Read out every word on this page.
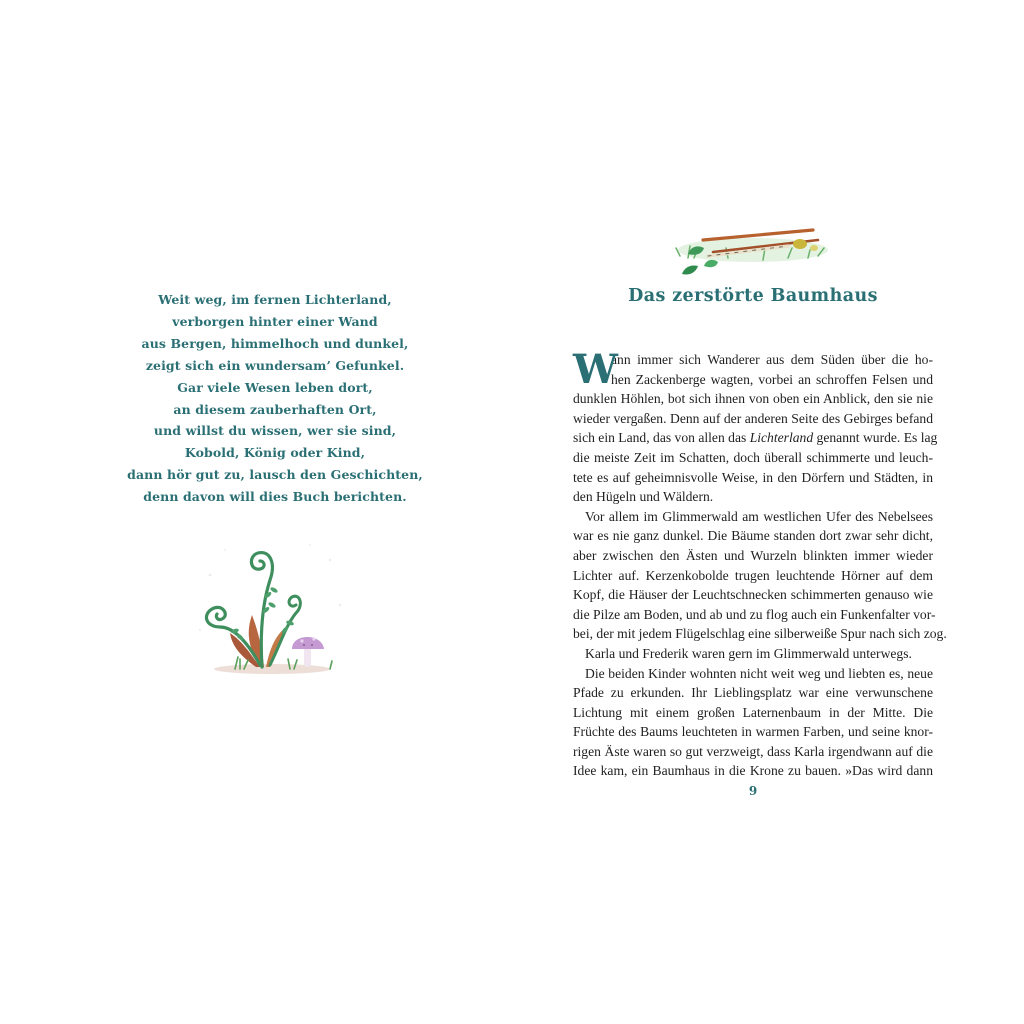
Weit weg, im fernen Lichterland,
verborgen hinter einer Wand
aus Bergen, himmelhoch und dunkel,
zeigt sich ein wundersam’ Gefunkel.
Gar viele Wesen leben dort,
an diesem zauberhaften Ort,
und willst du wissen, wer sie sind,
Kobold, König oder Kind,
dann hör gut zu, lausch den Geschichten,
denn davon will dies Buch berichten.
Das zerstörte Baumhaus
W
ann immer sich Wanderer aus dem Süden über die ho-
hen Zackenberge wagten, vorbei an schroffen Felsen und
dunklen Höhlen, bot sich ihnen von oben ein Anblick, den sie nie
wieder vergaßen. Denn auf der anderen Seite des Gebirges befand
sich ein Land, das von allen das Lichterland genannt wurde. Es lag
die meiste Zeit im Schatten, doch überall schimmerte und leuch-
tete es auf geheimnisvolle Weise, in den Dörfern und Städten, in
den Hügeln und Wäldern.
Vor allem im Glimmerwald am westlichen Ufer des Nebelsees
war es nie ganz dunkel. Die Bäume standen dort zwar sehr dicht,
aber zwischen den Ästen und Wurzeln blinkten immer wieder
Lichter auf. Kerzenkobolde trugen leuchtende Hörner auf dem
Kopf, die Häuser der Leuchtschnecken schimmerten genauso wie
die Pilze am Boden, und ab und zu flog auch ein Funkenfalter vor-
bei, der mit jedem Flügelschlag eine silberweiße Spur nach sich zog.
Karla und Frederik waren gern im Glimmerwald unterwegs.
Die beiden Kinder wohnten nicht weit weg und liebten es, neue
Pfade zu erkunden. Ihr Lieblingsplatz war eine verwunschene
Lichtung mit einem großen Laternenbaum in der Mitte. Die
Früchte des Baums leuchteten in warmen Farben, und seine knor-
rigen Äste waren so gut verzweigt, dass Karla irgendwann auf die
Idee kam, ein Baumhaus in die Krone zu bauen. »Das wird dann
9
